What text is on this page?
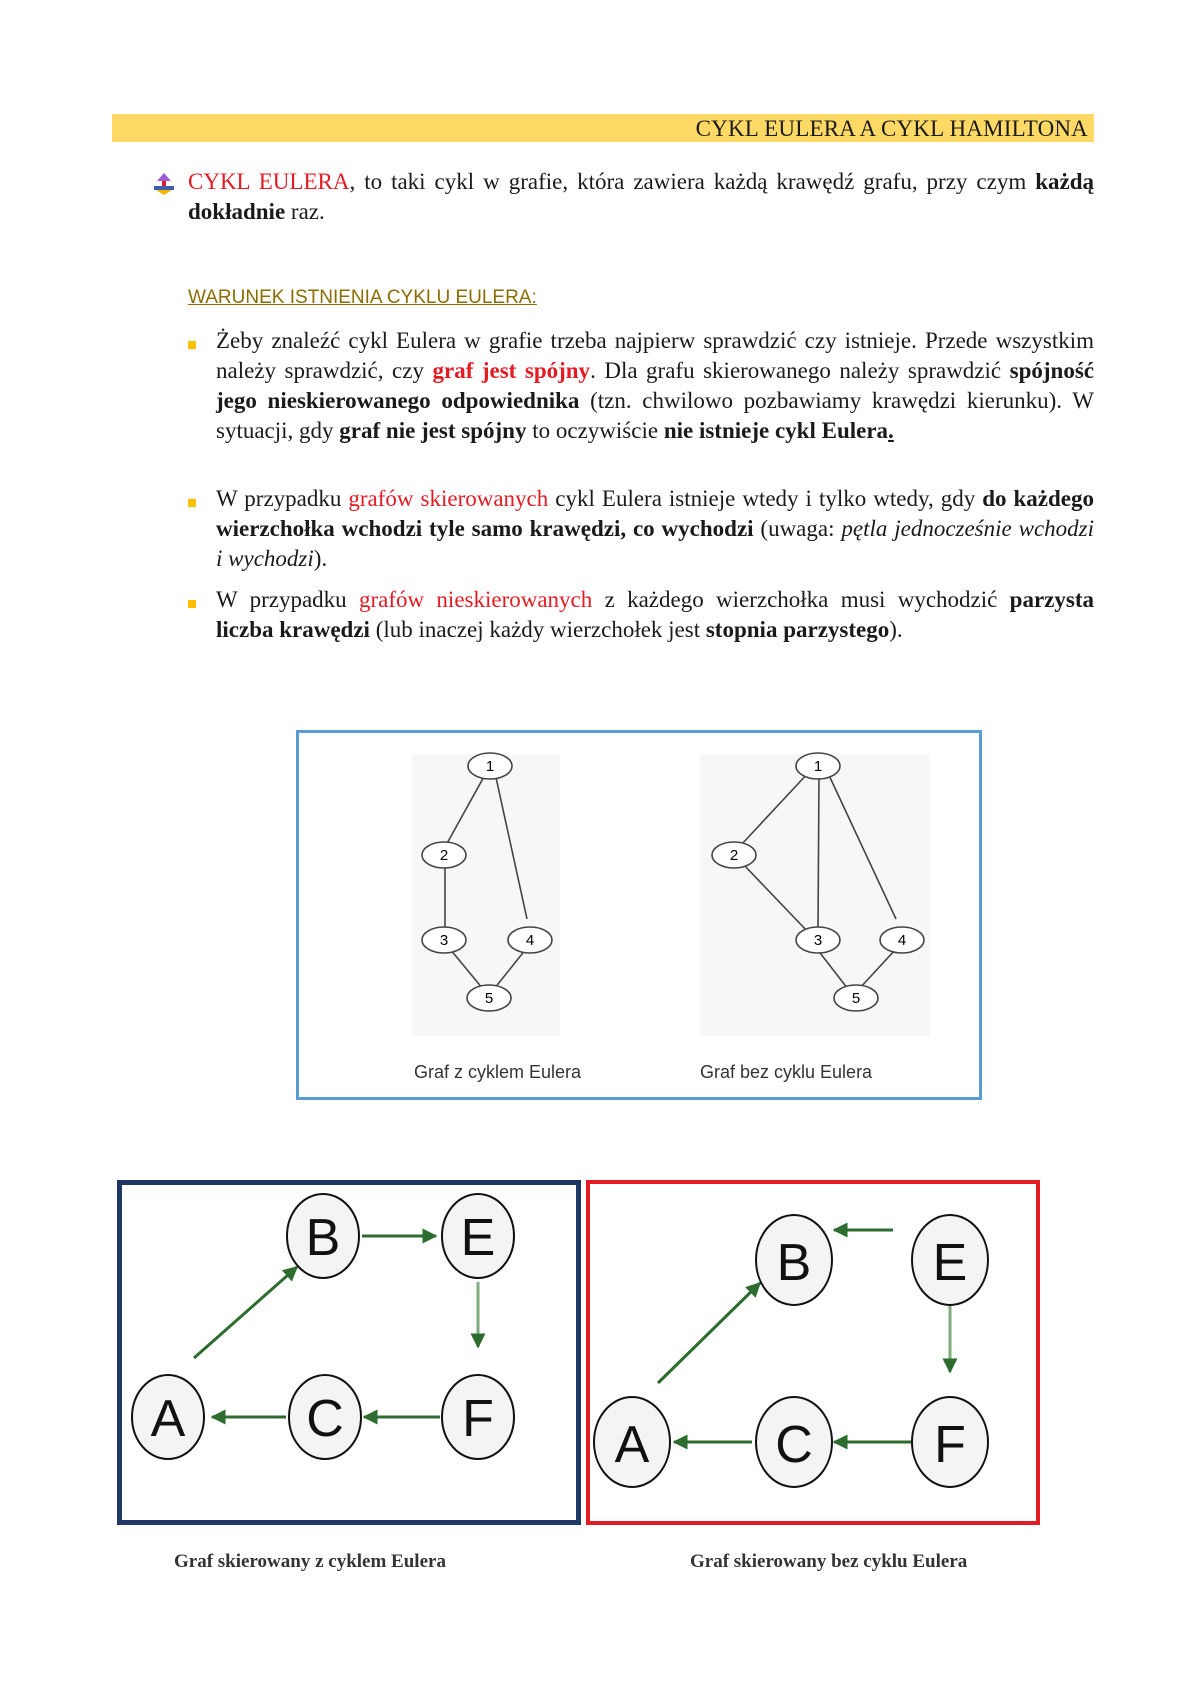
CYKL EULERA A CYKL HAMILTONA
CYKL EULERA, to taki cykl w grafie, która zawiera każdą krawędź grafu, przy czym każdą dokładnie raz.
WARUNEK ISTNIENIA CYKLU EULERA:
Żeby znaleźć cykl Eulera w grafie trzeba najpierw sprawdzić czy istnieje. Przede wszystkim należy sprawdzić, czy graf jest spójny. Dla grafu skierowanego należy sprawdzić spójność jego nieskierowanego odpowiednika (tzn. chwilowo pozbawiamy krawędzi kierunku). W sytuacji, gdy graf nie jest spójny to oczywiście nie istnieje cykl Eulera.
W przypadku grafów skierowanych cykl Eulera istnieje wtedy i tylko wtedy, gdy do każdego wierzchołka wchodzi tyle samo krawędzi, co wychodzi (uwaga: pętla jednocześnie wchodzi i wychodzi).
W przypadku grafów nieskierowanych z każdego wierzchołka musi wychodzić parzysta liczba krawędzi (lub inaczej każdy wierzchołek jest stopnia parzystego).
1
2
3	4
5
1
2
3	4
5
Graf z cyklem Eulera	Graf bez cyklu Eulera
A
B
C
E
F A
B
C
E
F
Graf skierowany z cyklem Eulera	Graf skierowany bez cyklu Eulera
